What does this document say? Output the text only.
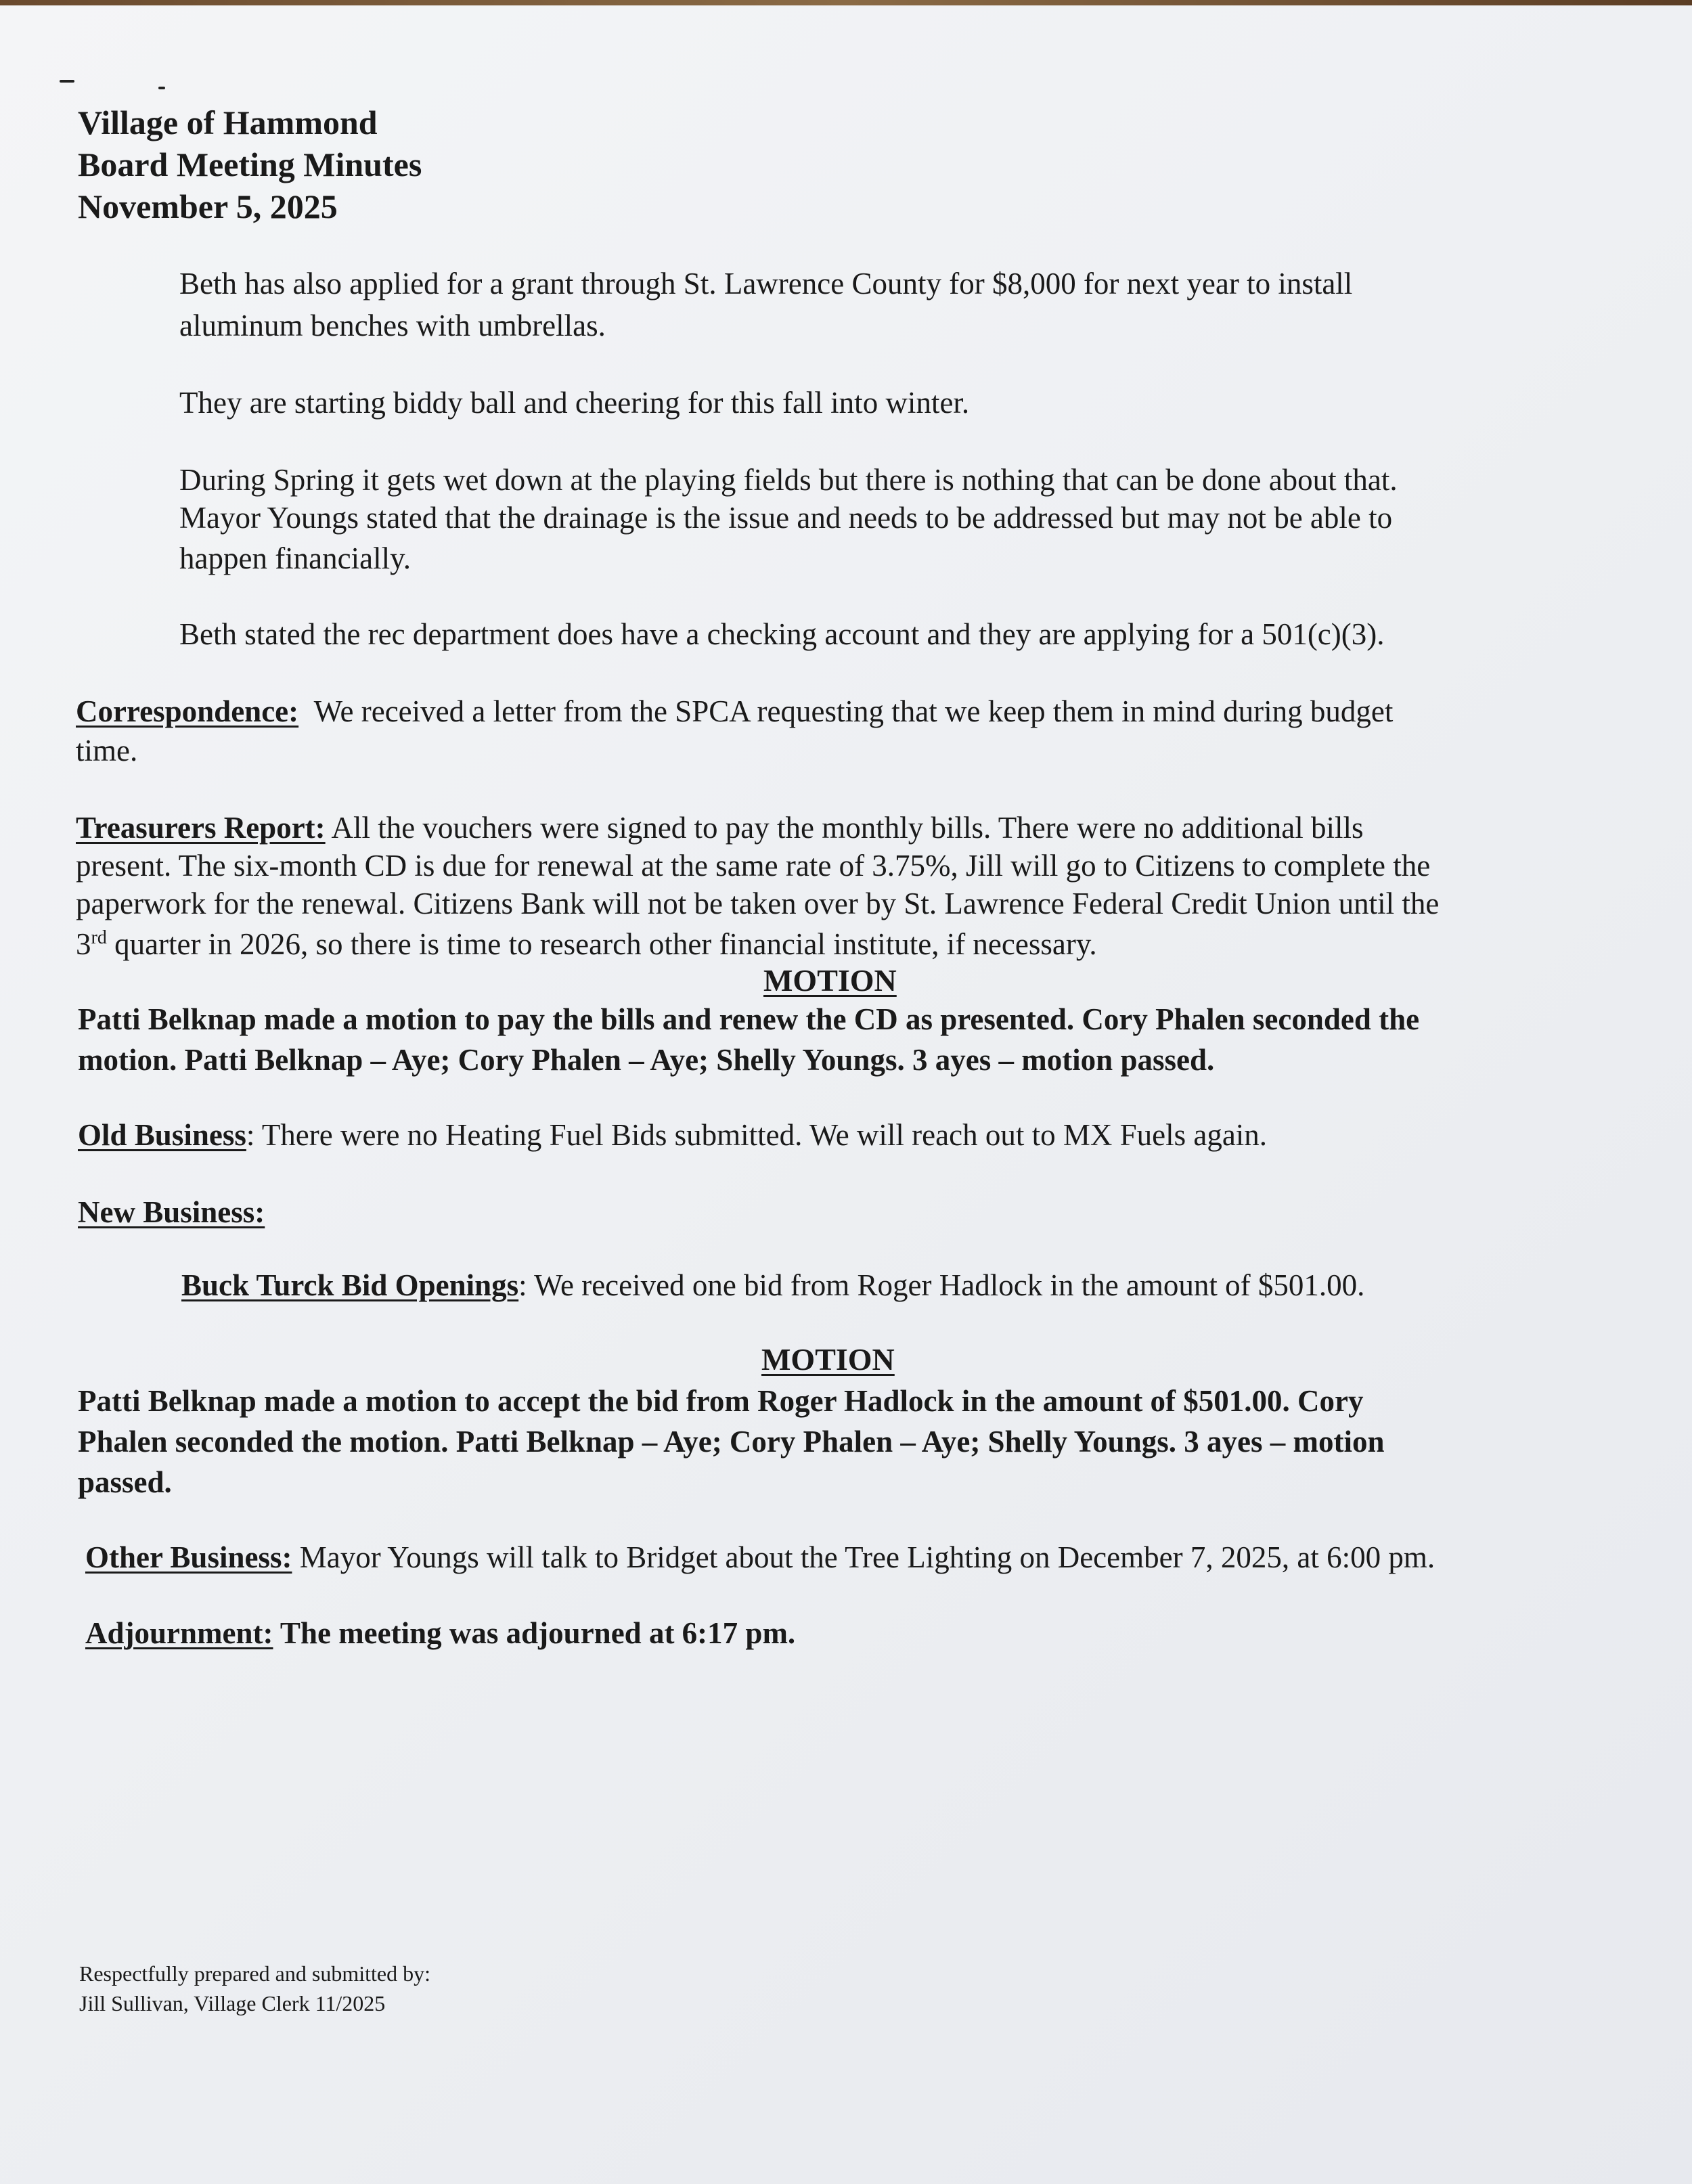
Village of Hammond
Board Meeting Minutes
November 5, 2025
Beth has also applied for a grant through St. Lawrence County for $8,000 for next year to install
aluminum benches with umbrellas.
They are starting biddy ball and cheering for this fall into winter.
During Spring it gets wet down at the playing fields but there is nothing that can be done about that.
Mayor Youngs stated that the drainage is the issue and needs to be addressed but may not be able to
happen financially.
Beth stated the rec department does have a checking account and they are applying for a 501(c)(3).
Correspondence: We received a letter from the SPCA requesting that we keep them in mind during budget
time.
Treasurers Report: All the vouchers were signed to pay the monthly bills. There were no additional bills
present. The six-month CD is due for renewal at the same rate of 3.75%, Jill will go to Citizens to complete the
paperwork for the renewal. Citizens Bank will not be taken over by St. Lawrence Federal Credit Union until the
3rd quarter in 2026, so there is time to research other financial institute, if necessary.
MOTION
Patti Belknap made a motion to pay the bills and renew the CD as presented. Cory Phalen seconded the
motion. Patti Belknap – Aye; Cory Phalen – Aye; Shelly Youngs. 3 ayes – motion passed.
Old Business: There were no Heating Fuel Bids submitted. We will reach out to MX Fuels again.
New Business:
Buck Turck Bid Openings: We received one bid from Roger Hadlock in the amount of $501.00.
MOTION
Patti Belknap made a motion to accept the bid from Roger Hadlock in the amount of $501.00. Cory
Phalen seconded the motion. Patti Belknap – Aye; Cory Phalen – Aye; Shelly Youngs. 3 ayes – motion
passed.
Other Business: Mayor Youngs will talk to Bridget about the Tree Lighting on December 7, 2025, at 6:00 pm.
Adjournment: The meeting was adjourned at 6:17 pm.
Respectfully prepared and submitted by:
Jill Sullivan, Village Clerk 11/2025
